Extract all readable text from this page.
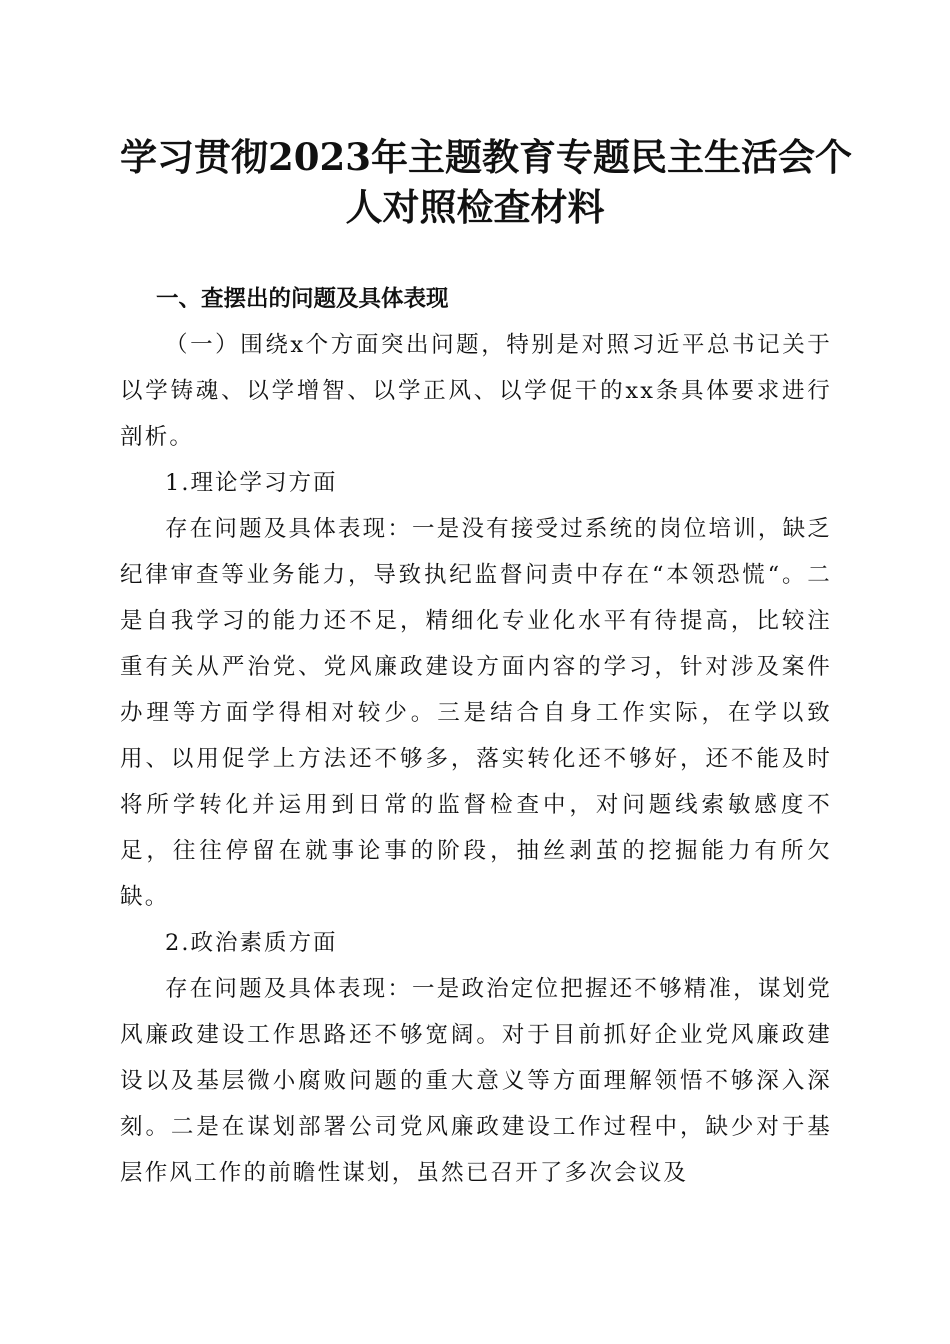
学习贯彻2023年主题教育专题民主生活会个
人对照检查材料

一、查摆出的问题及具体表现

（一）围绕x个方面突出问题，特别是对照习近平总书记关于以学铸魂、以学增智、以学正风、以学促干的xx条具体要求进行剖析。

1.理论学习方面

存在问题及具体表现：一是没有接受过系统的岗位培训，缺乏纪律审查等业务能力，导致执纪监督问责中存在“本领恐慌“。二是自我学习的能力还不足，精细化专业化水平有待提高，比较注重有关从严治党、党风廉政建设方面内容的学习，针对涉及案件办理等方面学得相对较少。三是结合自身工作实际，在学以致用、以用促学上方法还不够多，落实转化还不够好，还不能及时将所学转化并运用到日常的监督检查中，对问题线索敏感度不足，往往停留在就事论事的阶段，抽丝剥茧的挖掘能力有所欠缺。

2.政治素质方面

存在问题及具体表现：一是政治定位把握还不够精准，谋划党风廉政建设工作思路还不够宽阔。对于目前抓好企业党风廉政建设以及基层微小腐败问题的重大意义等方面理解领悟不够深入深刻。二是在谋划部署公司党风廉政建设工作过程中，缺少对于基层作风工作的前瞻性谋划，虽然已召开了多次会议及
